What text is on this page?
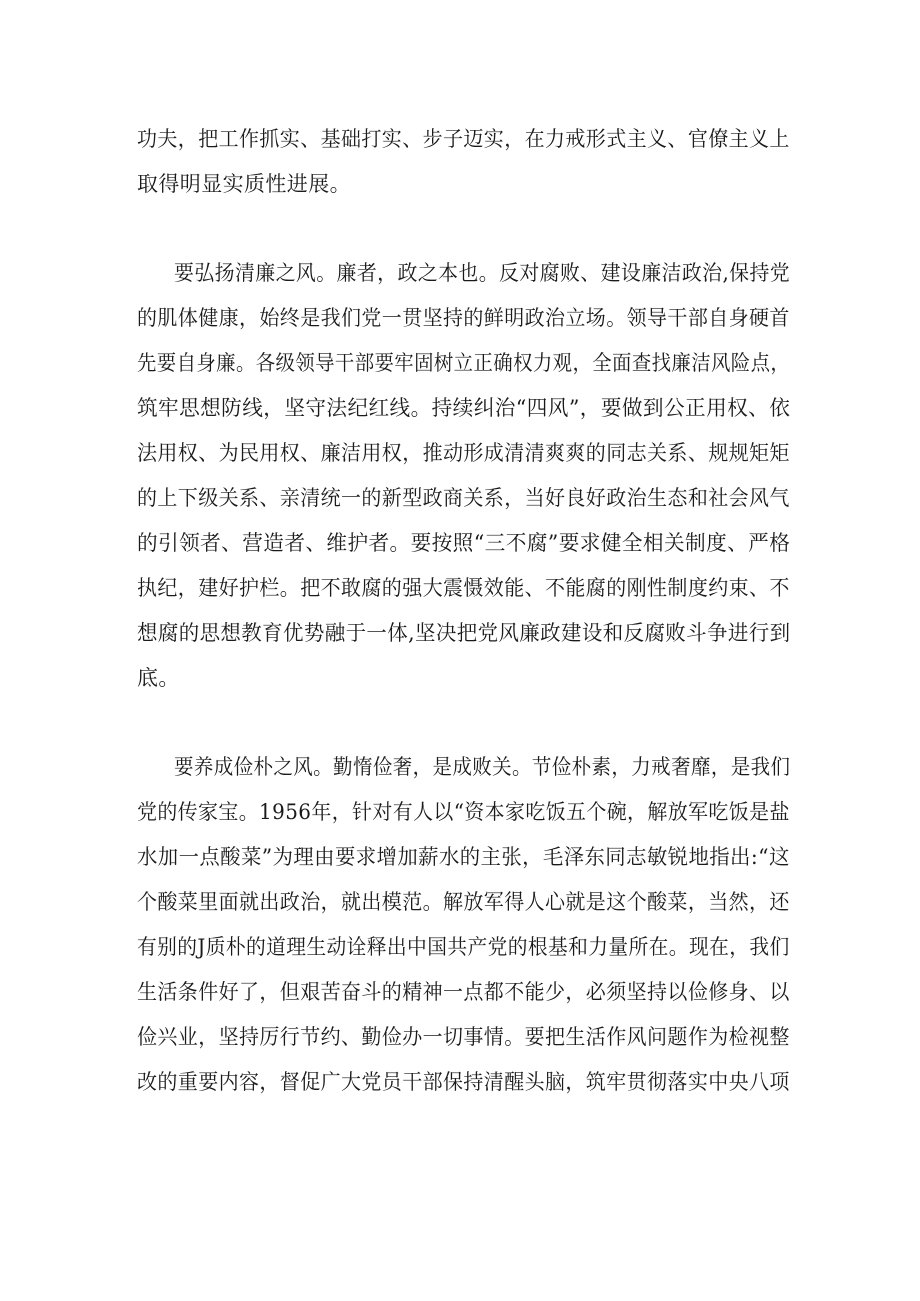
功夫，把工作抓实、基础打实、步子迈实，在力戒形式主义、官僚主义上
取得明显实质性进展。
要弘扬清廉之风。廉者，政之本也。反对腐败、建设廉洁政治,保持党
的肌体健康，始终是我们党一贯坚持的鲜明政治立场。领导干部自身硬首
先要自身廉。各级领导干部要牢固树立正确权力观，全面查找廉洁风险点，
筑牢思想防线，坚守法纪红线。持续纠治“四风”，要做到公正用权、依
法用权、为民用权、廉洁用权，推动形成清清爽爽的同志关系、规规矩矩
的上下级关系、亲清统一的新型政商关系，当好良好政治生态和社会风气
的引领者、营造者、维护者。要按照“三不腐”要求健全相关制度、严格
执纪，建好护栏。把不敢腐的强大震慑效能、不能腐的刚性制度约束、不
想腐的思想教育优势融于一体,坚决把党风廉政建设和反腐败斗争进行到
底。
要养成俭朴之风。勤惰俭奢，是成败关。节俭朴素，力戒奢靡，是我们
党的传家宝。1956年，针对有人以“资本家吃饭五个碗，解放军吃饭是盐
水加一点酸菜”为理由要求增加薪水的主张，毛泽东同志敏锐地指出:“这
个酸菜里面就出政治，就出模范。解放军得人心就是这个酸菜，当然，还
有别的J质朴的道理生动诠释出中国共产党的根基和力量所在。现在，我们
生活条件好了，但艰苦奋斗的精神一点都不能少，必须坚持以俭修身、以
俭兴业，坚持厉行节约、勤俭办一切事情。要把生活作风问题作为检视整
改的重要内容，督促广大党员干部保持清醒头脑，筑牢贯彻落实中央八项
